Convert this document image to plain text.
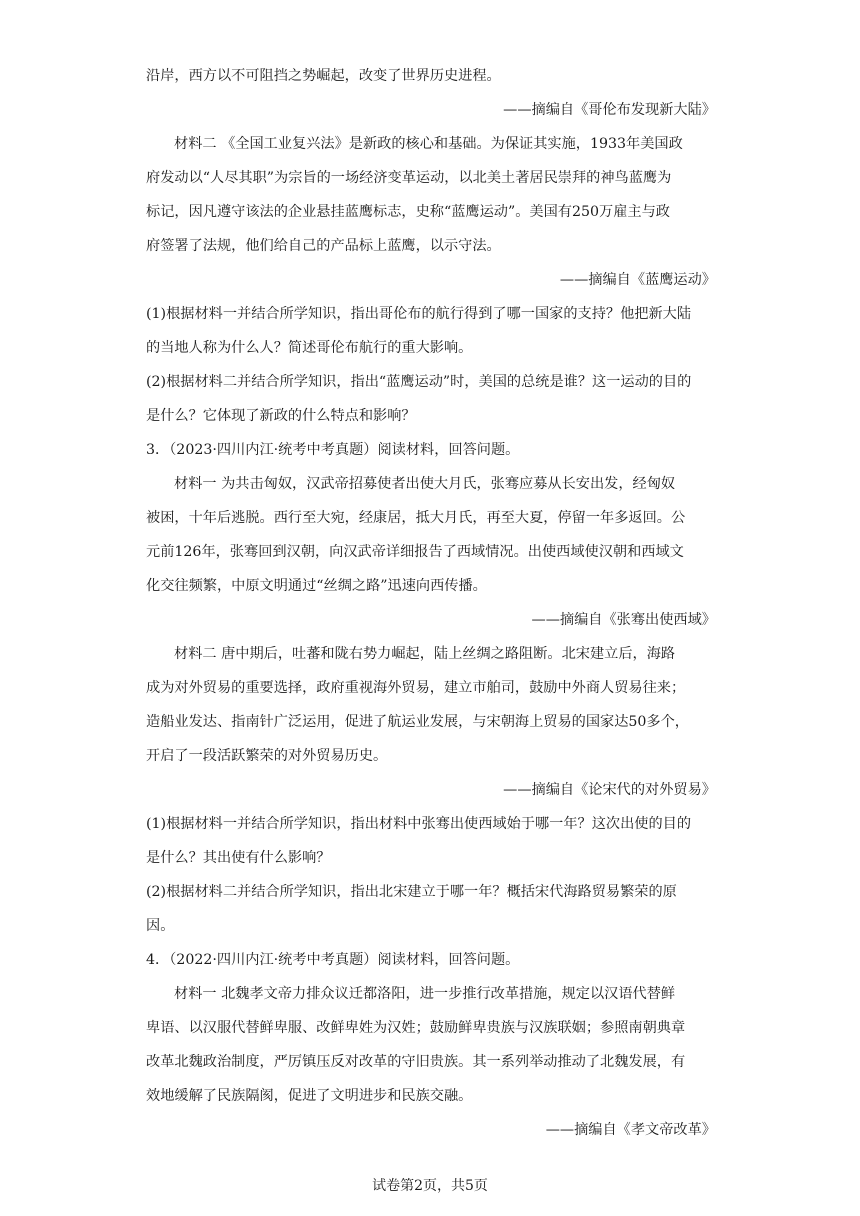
沿岸，西方以不可阻挡之势崛起，改变了世界历史进程。
——摘编自《哥伦布发现新大陆》
材料二 《全国工业复兴法》是新政的核心和基础。为保证其实施，1933年美国政
府发动以“人尽其职”为宗旨的一场经济变革运动，以北美土著居民崇拜的神鸟蓝鹰为
标记，因凡遵守该法的企业悬挂蓝鹰标志，史称“蓝鹰运动”。美国有250万雇主与政
府签署了法规，他们给自己的产品标上蓝鹰，以示守法。
——摘编自《蓝鹰运动》
(1)根据材料一并结合所学知识，指出哥伦布的航行得到了哪一国家的支持？他把新大陆
的当地人称为什么人？简述哥伦布航行的重大影响。
(2)根据材料二并结合所学知识，指出“蓝鹰运动”时，美国的总统是谁？这一运动的目的
是什么？它体现了新政的什么特点和影响？
3．（2023·四川内江·统考中考真题）阅读材料，回答问题。
材料一 为共击匈奴，汉武帝招募使者出使大月氏，张骞应募从长安出发，经匈奴
被困，十年后逃脱。西行至大宛，经康居，抵大月氏，再至大夏，停留一年多返回。公
元前126年，张骞回到汉朝，向汉武帝详细报告了西域情况。出使西域使汉朝和西域文
化交往频繁，中原文明通过“丝绸之路”迅速向西传播。
——摘编自《张骞出使西域》
材料二 唐中期后，吐蕃和陇右势力崛起，陆上丝绸之路阻断。北宋建立后，海路
成为对外贸易的重要选择，政府重视海外贸易，建立市舶司，鼓励中外商人贸易往来；
造船业发达、指南针广泛运用，促进了航运业发展，与宋朝海上贸易的国家达50多个，
开启了一段活跃繁荣的对外贸易历史。
——摘编自《论宋代的对外贸易》
(1)根据材料一并结合所学知识，指出材料中张骞出使西域始于哪一年？这次出使的目的
是什么？其出使有什么影响？
(2)根据材料二并结合所学知识，指出北宋建立于哪一年？概括宋代海路贸易繁荣的原
因。
4．（2022·四川内江·统考中考真题）阅读材料，回答问题。
材料一 北魏孝文帝力排众议迁都洛阳，进一步推行改革措施，规定以汉语代替鲜
卑语、以汉服代替鲜卑服、改鲜卑姓为汉姓；鼓励鲜卑贵族与汉族联姻；参照南朝典章
改革北魏政治制度，严厉镇压反对改革的守旧贵族。其一系列举动推动了北魏发展，有
效地缓解了民族隔阂，促进了文明进步和民族交融。
——摘编自《孝文帝改革》
试卷第2页，共5页
